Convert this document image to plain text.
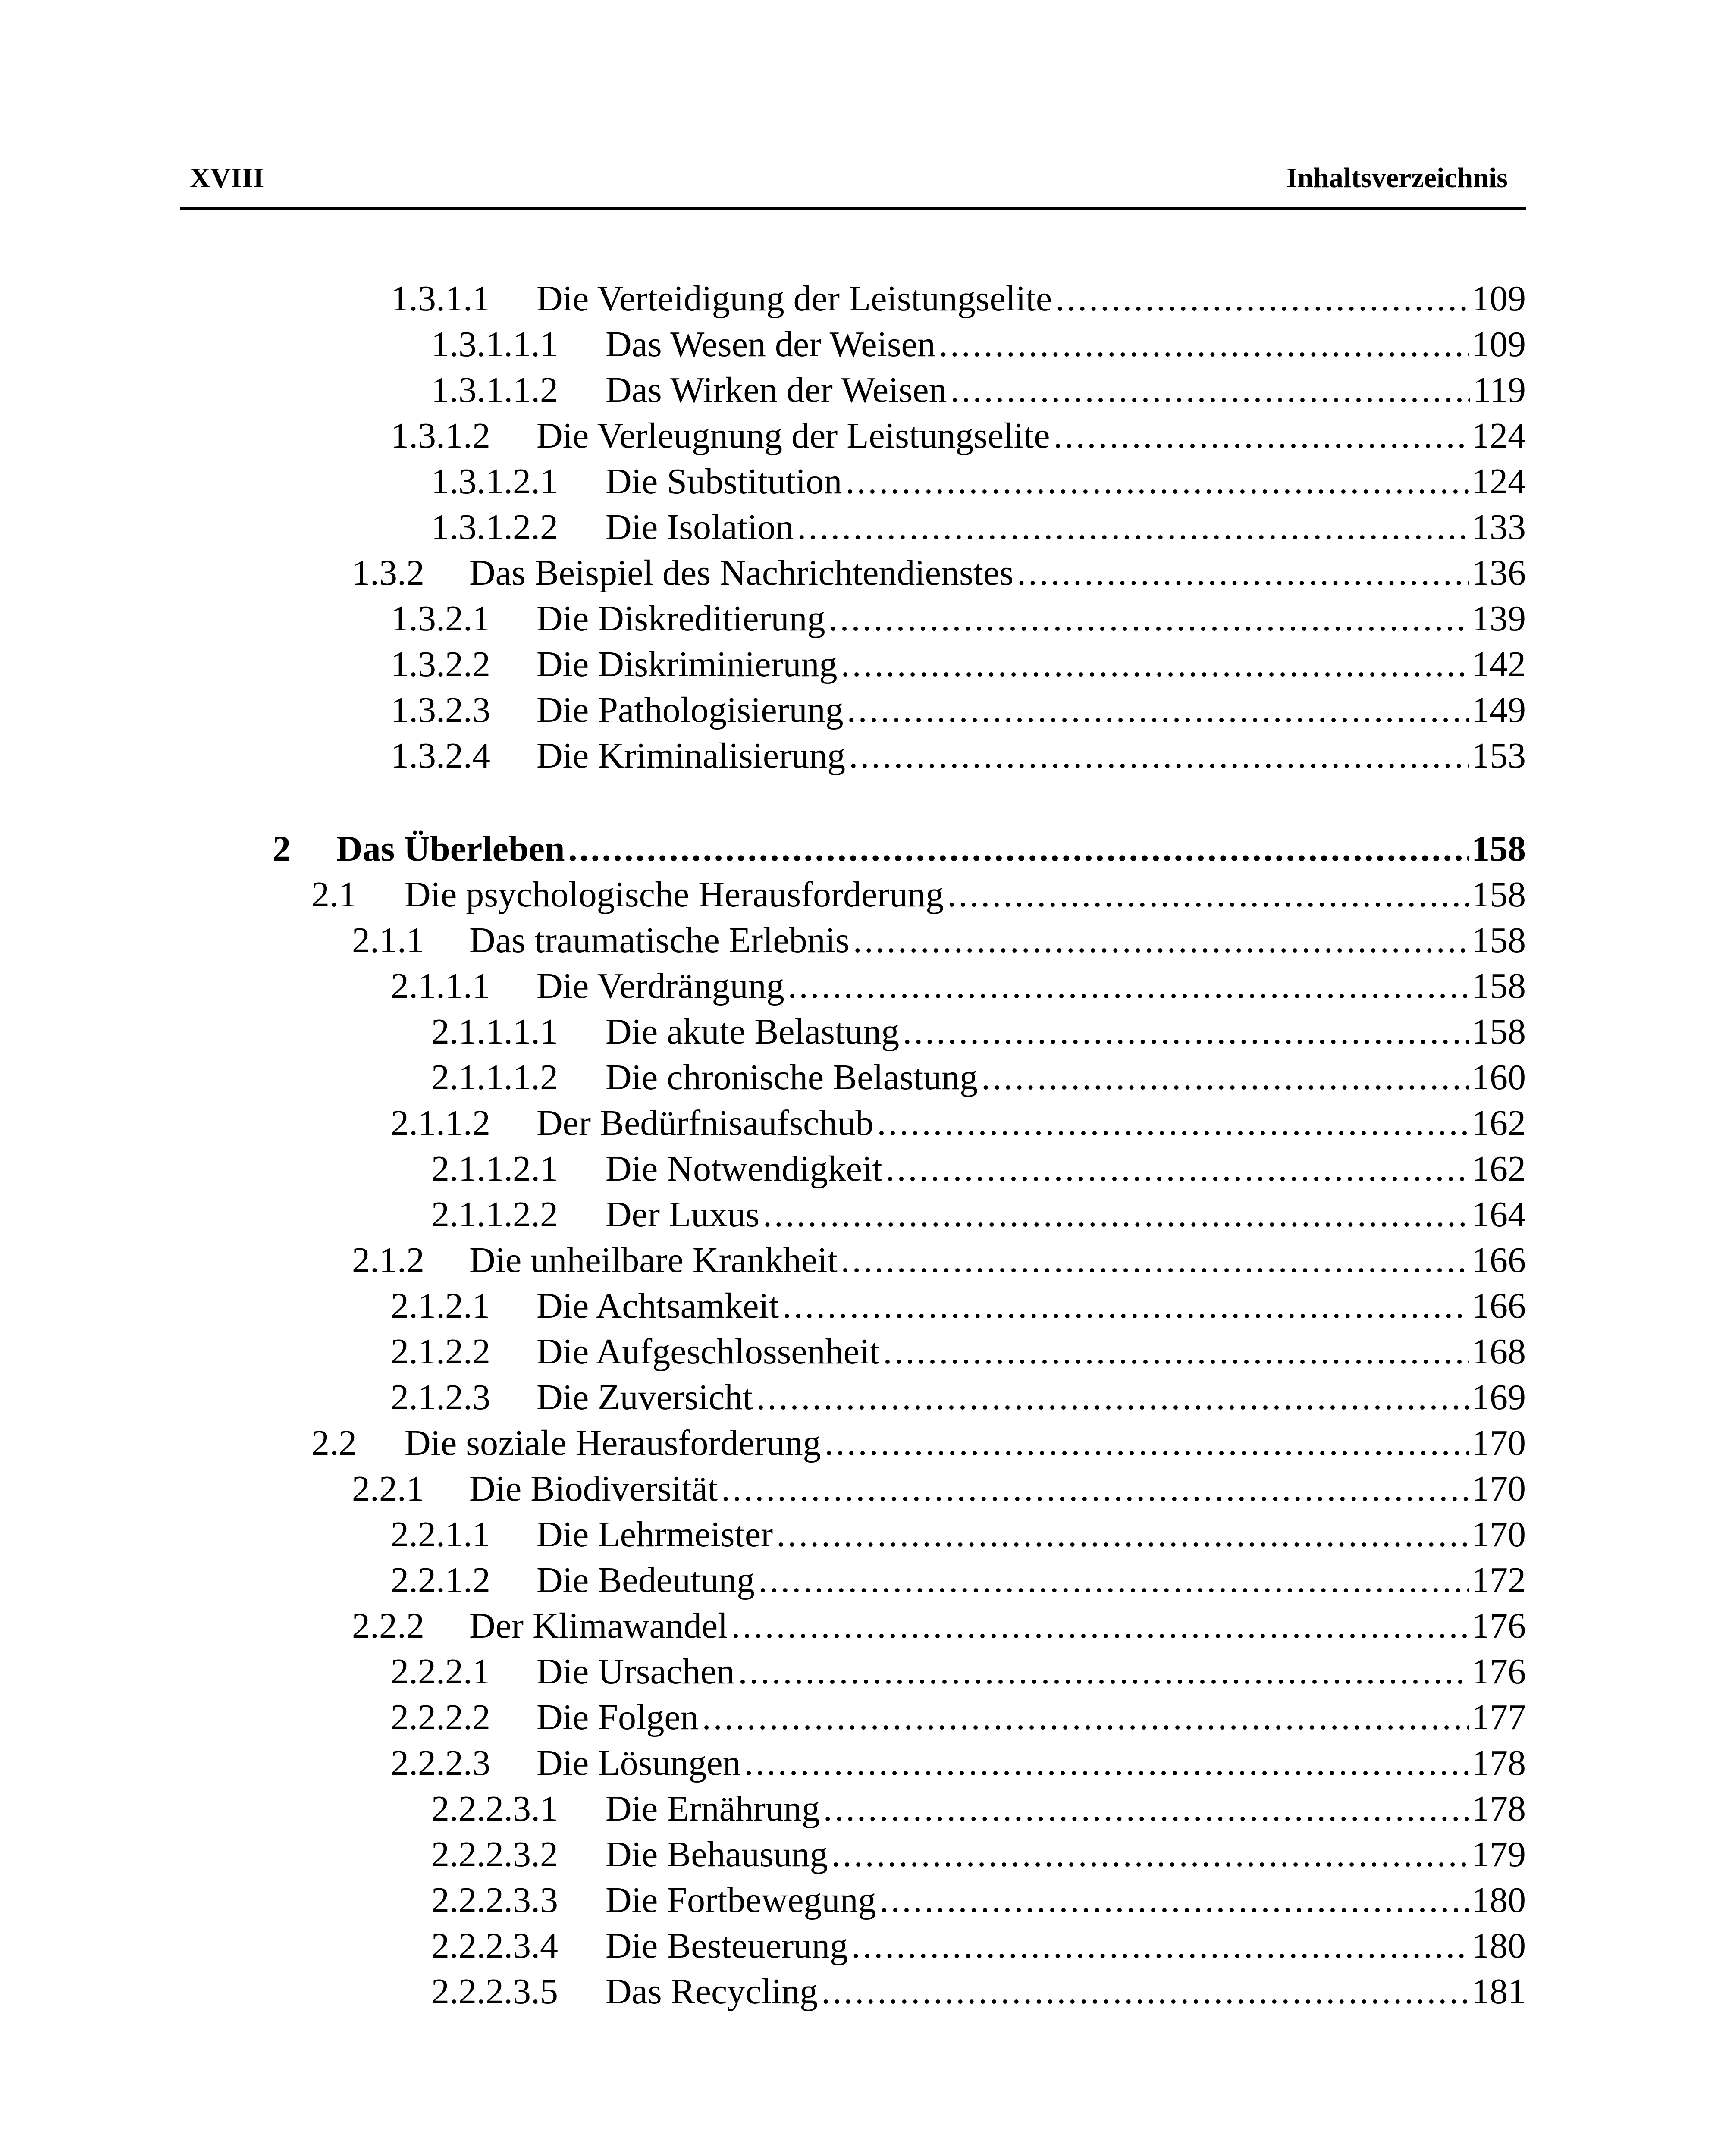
XVIII	Inhaltsverzeichnis
1.3.1.1 Die Verteidigung der Leistungselite . . .	109
1.3.1.1.1 Das Wesen der Weisen . . .	109
1.3.1.1.2 Das Wirken der Weisen . . .	119
1.3.1.2 Die Verleugnung der Leistungselite . . .	124
1.3.1.2.1 Die Substitution . . .	124
1.3.1.2.2 Die Isolation . . .	133
1.3.2 Das Beispiel des Nachrichtendienstes . . .	136
1.3.2.1 Die Diskreditierung . . .	139
1.3.2.2 Die Diskriminierung . . .	142
1.3.2.3 Die Pathologisierung . . .	149
1.3.2.4 Die Kriminalisierung . . .	153
2 Das Überleben . . .	158
2.1 Die psychologische Herausforderung . . .	158
2.1.1 Das traumatische Erlebnis . . .	158
2.1.1.1 Die Verdrängung . . .	158
2.1.1.1.1 Die akute Belastung . . .	158
2.1.1.1.2 Die chronische Belastung . . .	160
2.1.1.2 Der Bedürfnisaufschub . . .	162
2.1.1.2.1 Die Notwendigkeit . . .	162
2.1.1.2.2 Der Luxus . . .	164
2.1.2 Die unheilbare Krankheit . . .	166
2.1.2.1 Die Achtsamkeit . . .	166
2.1.2.2 Die Aufgeschlossenheit . . .	168
2.1.2.3 Die Zuversicht . . .	169
2.2 Die soziale Herausforderung . . .	170
2.2.1 Die Biodiversität . . .	170
2.2.1.1 Die Lehrmeister . . .	170
2.2.1.2 Die Bedeutung . . .	172
2.2.2 Der Klimawandel . . .	176
2.2.2.1 Die Ursachen . . .	176
2.2.2.2 Die Folgen . . .	177
2.2.2.3 Die Lösungen . . .	178
2.2.2.3.1 Die Ernährung . . .	178
2.2.2.3.2 Die Behausung . . .	179
2.2.2.3.3 Die Fortbewegung . . .	180
2.2.2.3.4 Die Besteuerung . . .	180
2.2.2.3.5 Das Recycling . . .	181
